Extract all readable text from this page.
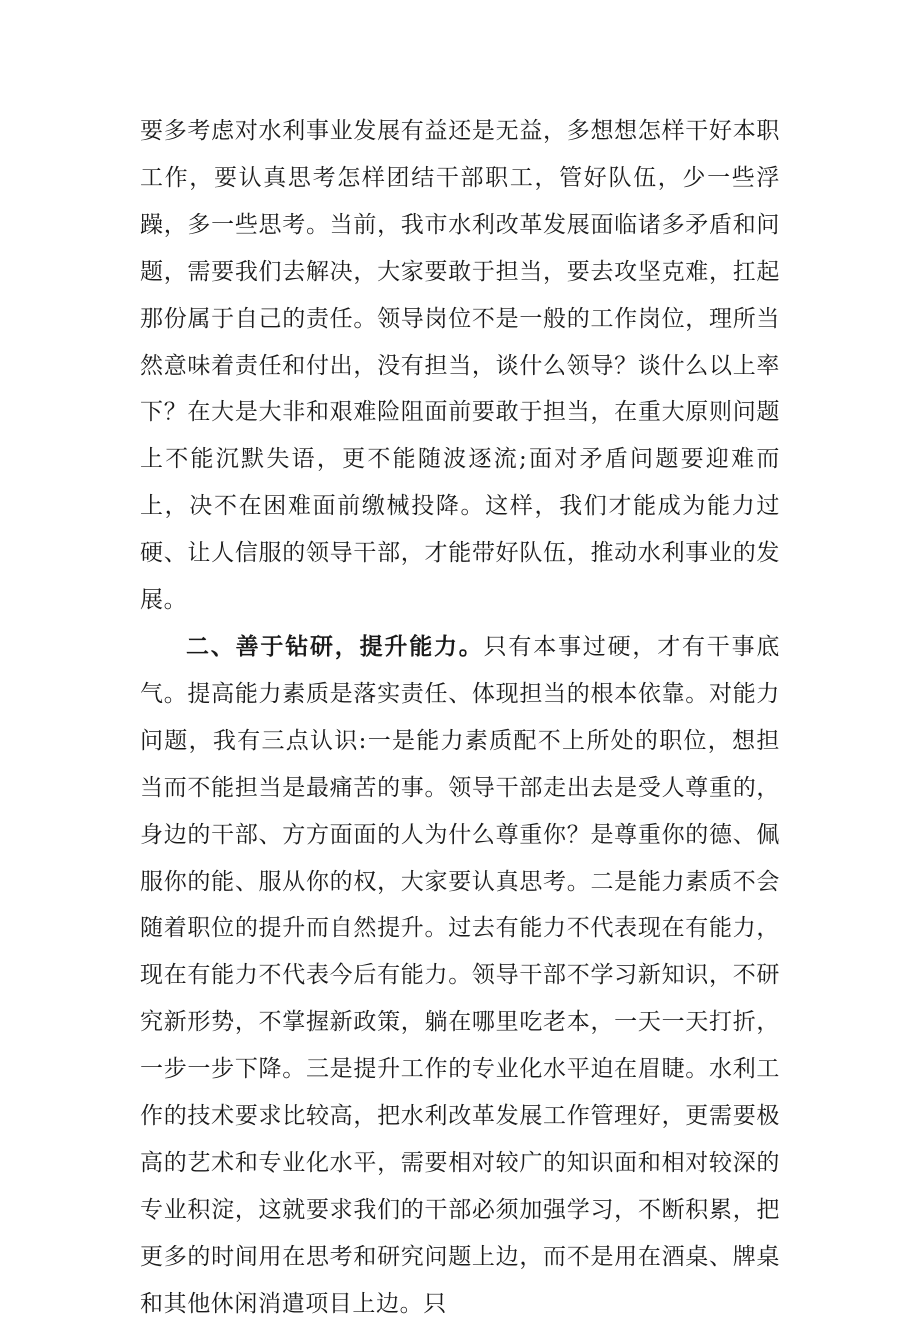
要多考虑对水利事业发展有益还是无益，多想想怎样干好本职工作，要认真思考怎样团结干部职工，管好队伍，少一些浮躁，多一些思考。当前，我市水利改革发展面临诸多矛盾和问题，需要我们去解决，大家要敢于担当，要去攻坚克难，扛起那份属于自己的责任。领导岗位不是一般的工作岗位，理所当然意味着责任和付出，没有担当，谈什么领导？谈什么以上率下？在大是大非和艰难险阻面前要敢于担当，在重大原则问题上不能沉默失语，更不能随波逐流;面对矛盾问题要迎难而上，决不在困难面前缴械投降。这样，我们才能成为能力过硬、让人信服的领导干部，才能带好队伍，推动水利事业的发展。

二、善于钻研，提升能力。只有本事过硬，才有干事底气。提高能力素质是落实责任、体现担当的根本依靠。对能力问题，我有三点认识:一是能力素质配不上所处的职位，想担当而不能担当是最痛苦的事。领导干部走出去是受人尊重的，身边的干部、方方面面的人为什么尊重你？是尊重你的德、佩服你的能、服从你的权，大家要认真思考。二是能力素质不会随着职位的提升而自然提升。过去有能力不代表现在有能力，现在有能力不代表今后有能力。领导干部不学习新知识，不研究新形势，不掌握新政策，躺在哪里吃老本，一天一天打折，一步一步下降。三是提升工作的专业化水平迫在眉睫。水利工作的技术要求比较高，把水利改革发展工作管理好，更需要极高的艺术和专业化水平，需要相对较广的知识面和相对较深的专业积淀，这就要求我们的干部必须加强学习，不断积累，把更多的时间用在思考和研究问题上边，而不是用在酒桌、牌桌和其他休闲消遣项目上边。只
